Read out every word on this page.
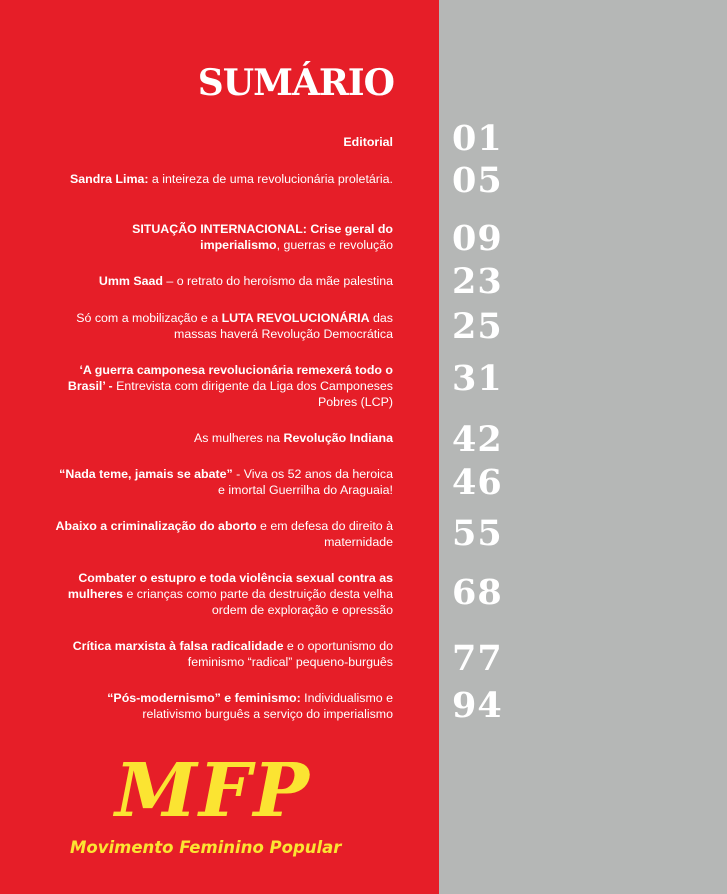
SUMÁRIO
Editorial 01
Sandra Lima: a inteireza de uma revolucionária proletária. 05
SITUAÇÃO INTERNACIONAL: Crise geral do imperialismo, guerras e revolução 09
Umm Saad – o retrato do heroísmo da mãe palestina 23
Só com a mobilização e a LUTA REVOLUCIONÁRIA das massas haverá Revolução Democrática 25
‘A guerra camponesa revolucionária remexerá todo o Brasil’ - Entrevista com dirigente da Liga dos Camponeses Pobres (LCP)
31
As mulheres na Revolução Indiana 42
“Nada teme, jamais se abate” - Viva os 52 anos da heroica e imortal Guerrilha do Araguaia! 46
Abaixo a criminalização do aborto e em defesa do direito à maternidade 55
Combater o estupro e toda violência sexual contra as mulheres e crianças como parte da destruição desta velha ordem de exploração e opressão 68
Crítica marxista à falsa radicalidade e o oportunismo do feminismo “radical” pequeno-burguês 77
“Pós-modernismo” e feminismo: Individualismo e relativismo burguês a serviço do imperialismo 94
MFP
Movimento Feminino Popular
